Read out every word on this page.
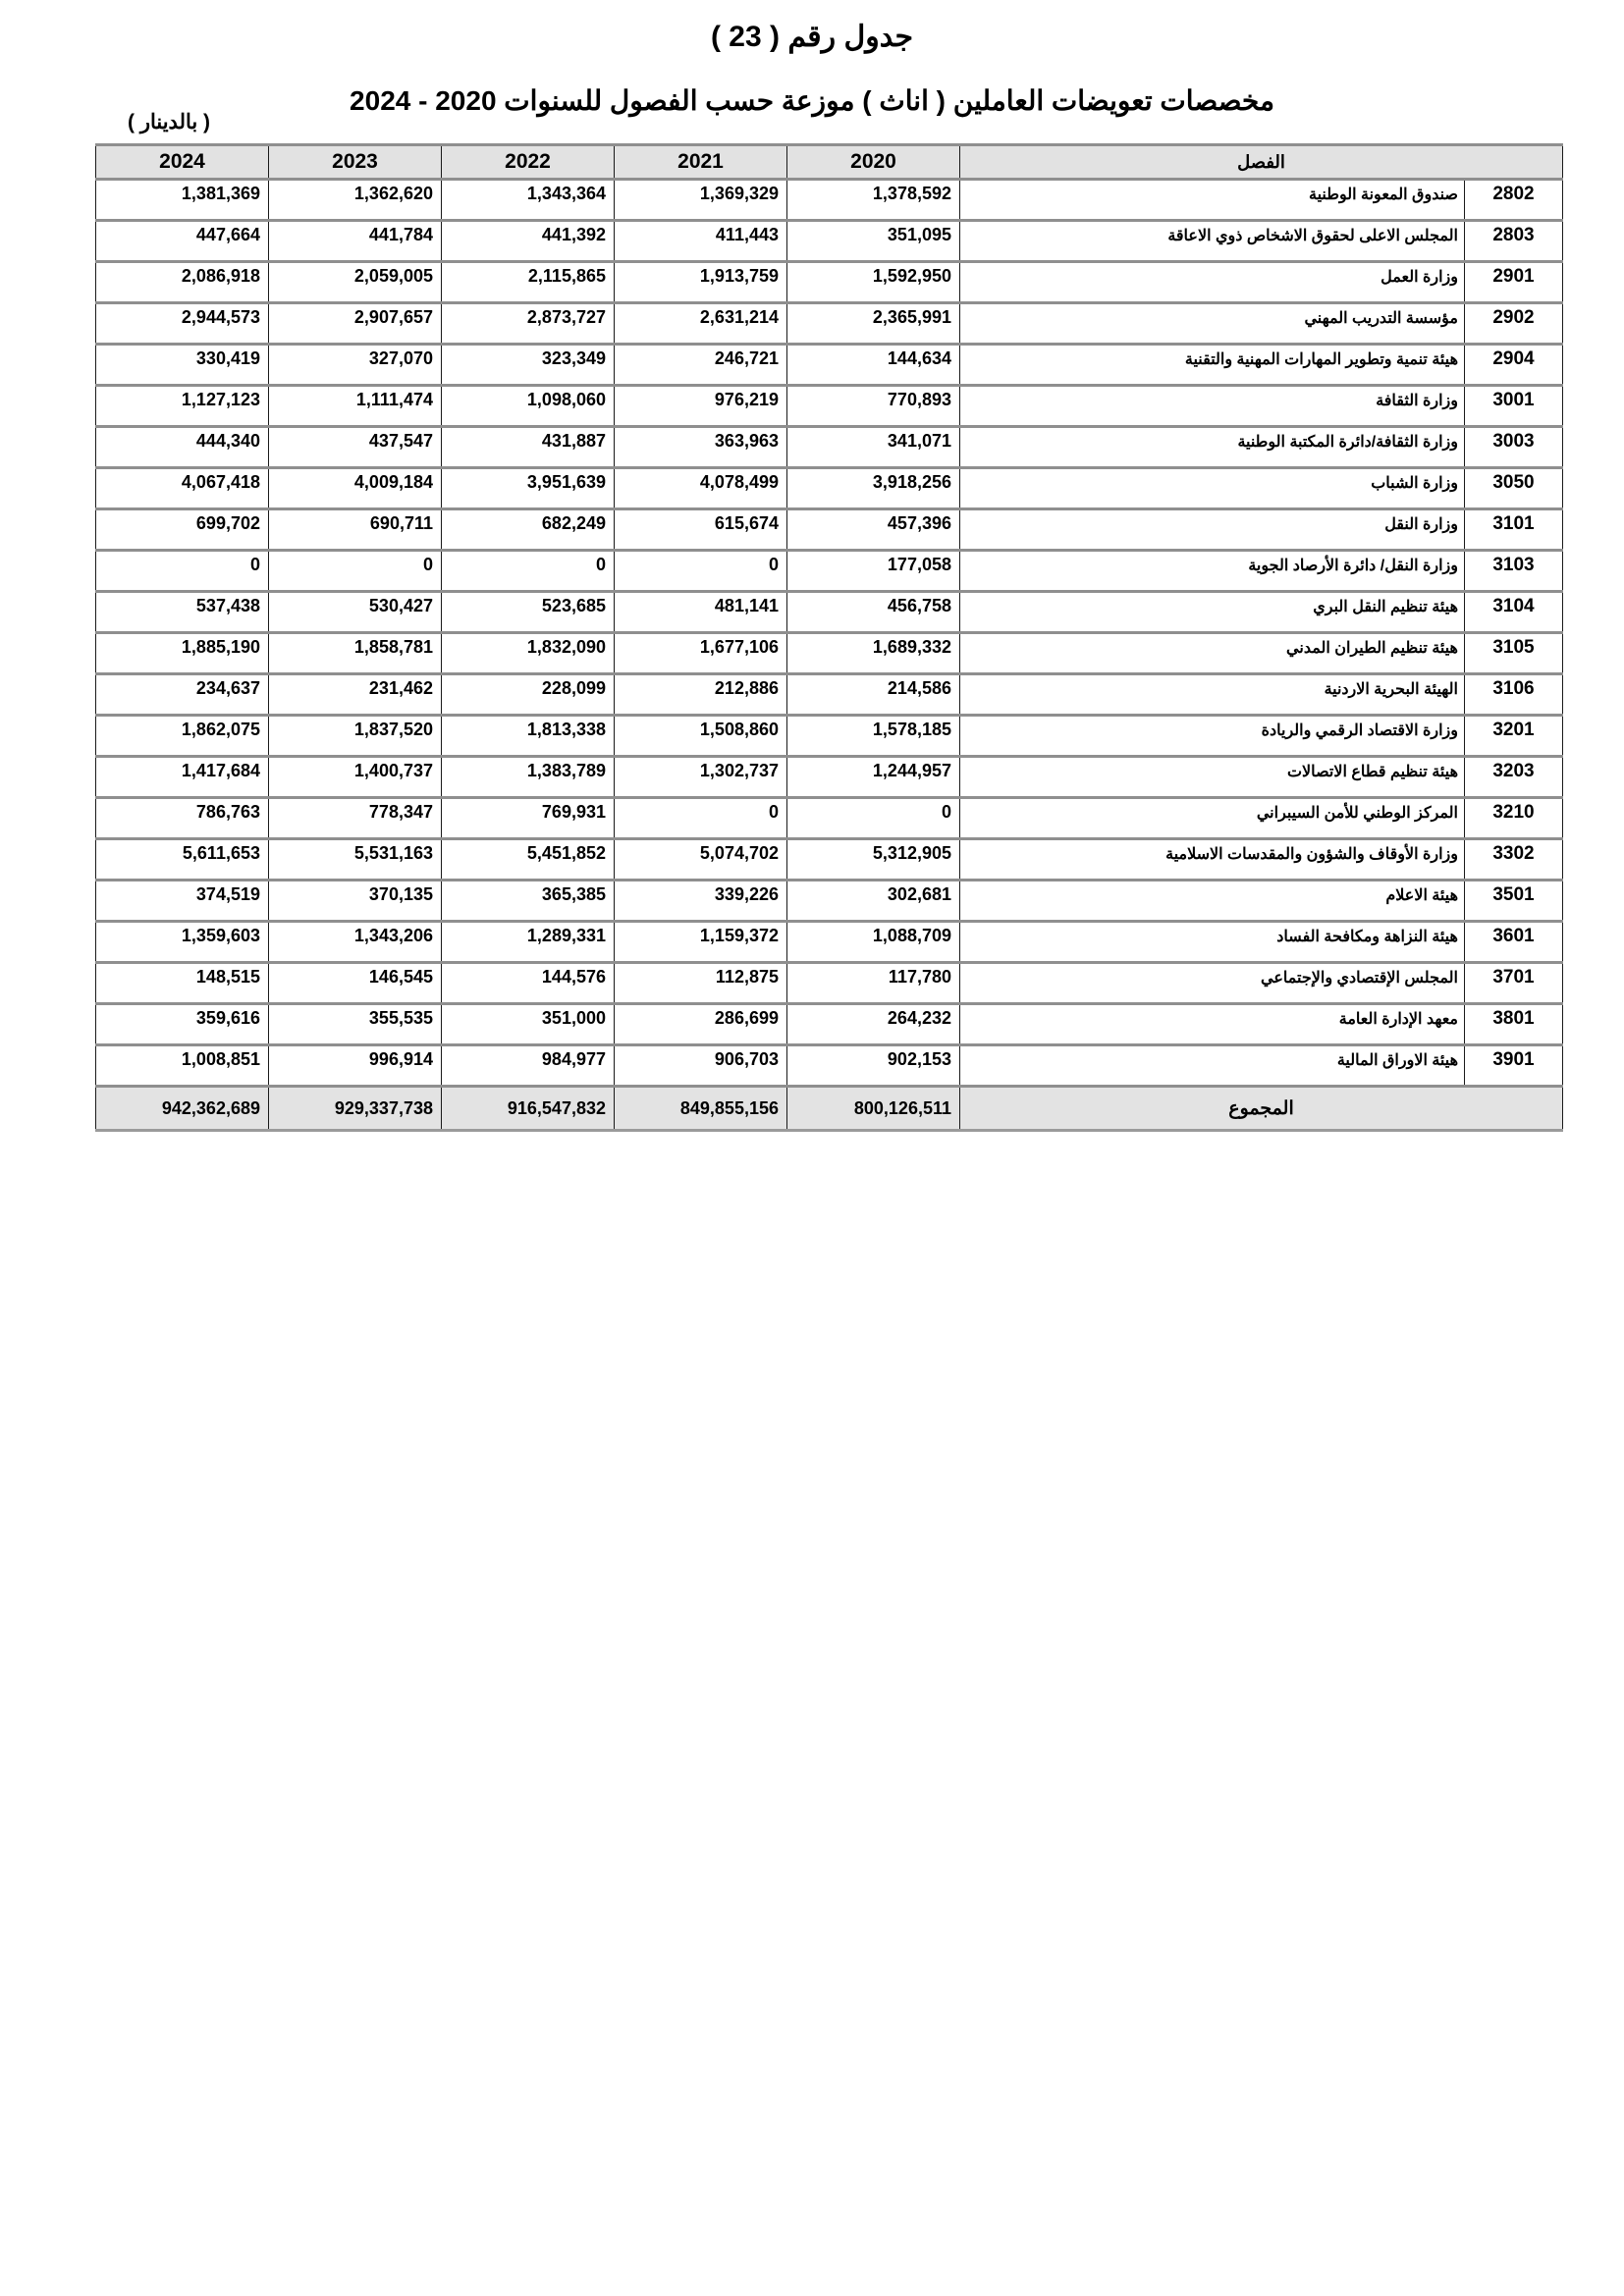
جدول رقم ( 23 )
مخصصات تعويضات العاملين ( اناث ) موزعة حسب الفصول للسنوات 2020 - 2024
( بالدينار )
الفصل		2020	2021	2022	2023	2024
2802	صندوق المعونة الوطنية	1,378,592	1,369,329	1,343,364	1,362,620	1,381,369
2803	المجلس الاعلى لحقوق الاشخاص ذوي الاعاقة	351,095	411,443	441,392	441,784	447,664
2901	وزارة العمل	1,592,950	1,913,759	2,115,865	2,059,005	2,086,918
2902	مؤسسة التدريب المهني	2,365,991	2,631,214	2,873,727	2,907,657	2,944,573
2904	هيئة تنمية وتطوير المهارات المهنية والتقنية	144,634	246,721	323,349	327,070	330,419
3001	وزارة الثقافة	770,893	976,219	1,098,060	1,111,474	1,127,123
3003	وزارة الثقافة/دائرة المكتبة الوطنية	341,071	363,963	431,887	437,547	444,340
3050	وزارة الشباب	3,918,256	4,078,499	3,951,639	4,009,184	4,067,418
3101	وزارة النقل	457,396	615,674	682,249	690,711	699,702
3103	وزارة النقل/ دائرة الأرصاد الجوية	177,058	0	0	0	0
3104	هيئة تنظيم النقل البري	456,758	481,141	523,685	530,427	537,438
3105	هيئة تنظيم الطيران المدني	1,689,332	1,677,106	1,832,090	1,858,781	1,885,190
3106	الهيئة البحرية الاردنية	214,586	212,886	228,099	231,462	234,637
3201	وزارة الاقتصاد الرقمي والريادة	1,578,185	1,508,860	1,813,338	1,837,520	1,862,075
3203	هيئة تنظيم قطاع الاتصالات	1,244,957	1,302,737	1,383,789	1,400,737	1,417,684
3210	المركز الوطني للأمن السيبراني	0	0	769,931	778,347	786,763
3302	وزارة الأوقاف والشؤون والمقدسات الاسلامية	5,312,905	5,074,702	5,451,852	5,531,163	5,611,653
3501	هيئة الاعلام	302,681	339,226	365,385	370,135	374,519
3601	هيئة النزاهة ومكافحة الفساد	1,088,709	1,159,372	1,289,331	1,343,206	1,359,603
3701	المجلس الإقتصادي والإجتماعي	117,780	112,875	144,576	146,545	148,515
3801	معهد الإدارة العامة	264,232	286,699	351,000	355,535	359,616
3901	هيئة الاوراق المالية	902,153	906,703	984,977	996,914	1,008,851
المجموع		800,126,511	849,855,156	916,547,832	929,337,738	942,362,689
